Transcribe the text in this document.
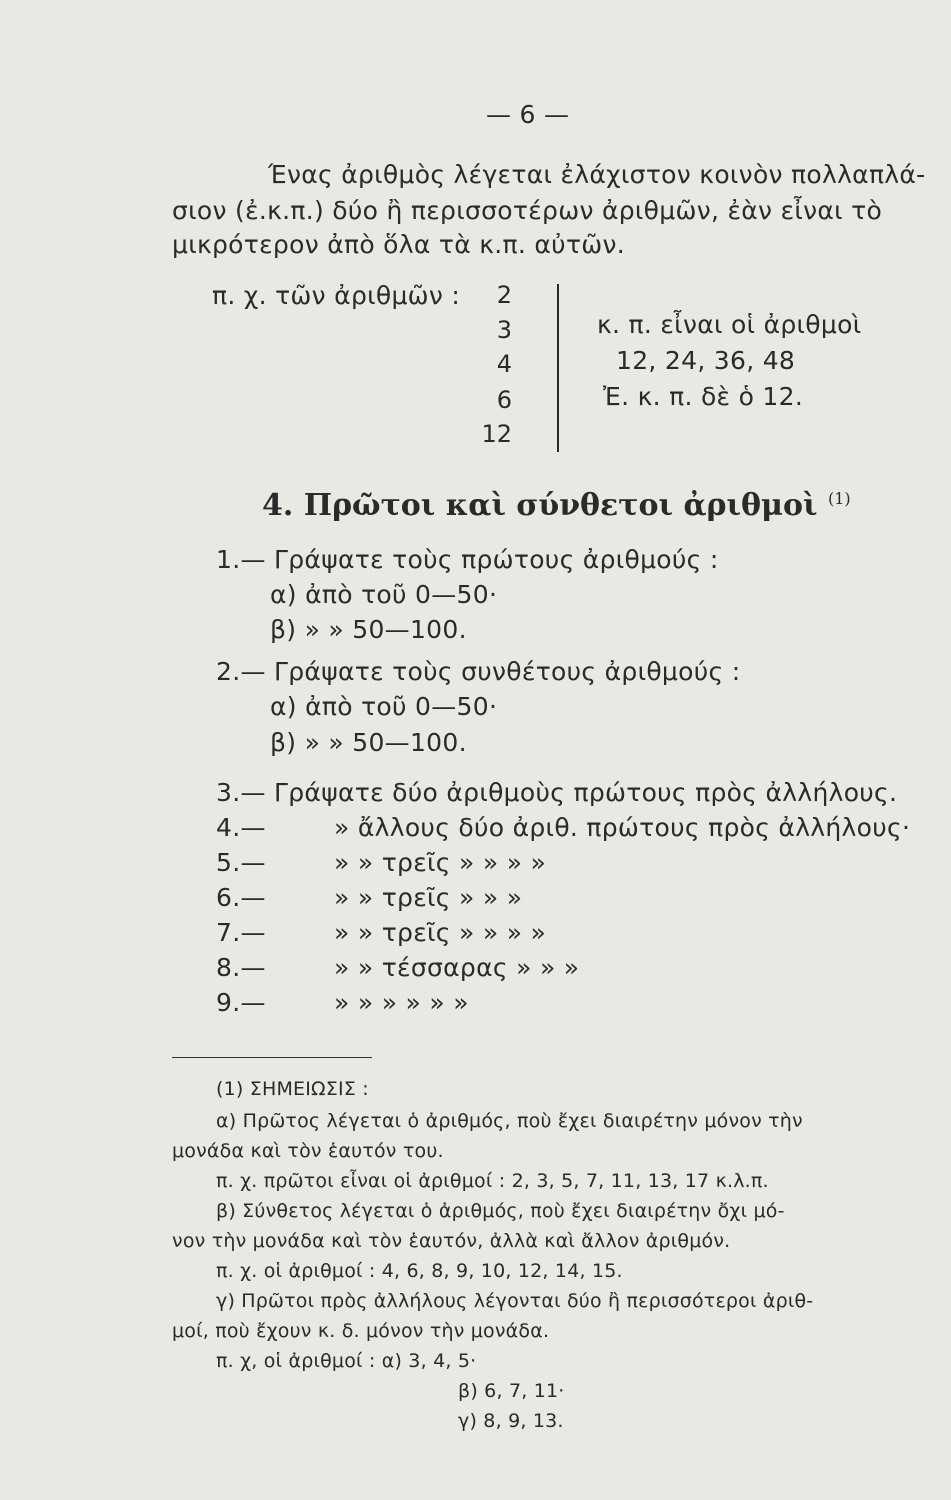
— 6 —
Ένας ἀριθμὸς λέγεται ἐλάχιστον κοινὸν πολλαπλά-
σιον (ἐ.κ.π.) δύο ἢ περισσοτέρων ἀριθμῶν, ἐὰν εἶναι τὸ
μικρότερον ἀπὸ ὅλα τὰ κ.π. αὐτῶν.
π. χ. τῶν ἀριθμῶν :	2
3
4
6
12
κ. π. εἶναι οἱ ἀριθμοὶ
12, 24, 36, 48
Ἐ. κ. π. δὲ ὁ 12.
4. Πρῶτοι καὶ σύνθετοι ἀριθμοὶ $^{(1)}$
1.— Γράψατε τοὺς πρώτους ἀριθμούς :
α) ἀπὸ τοῦ 0—50·
β) » » 50—100.
2.— Γράψατε τοὺς συνθέτους ἀριθμούς :
α) ἀπὸ τοῦ 0—50·
β) » » 50—100.
3.— Γράψατε δύο ἀριθμοὺς πρώτους πρὸς ἀλλήλους.
4.—	» ἄλλους δύο ἀριθ. πρώτους πρὸς ἀλλήλους·
5.—	» » τρεῖς » » » »
6.—	» » τρεῖς » » »
7.—	» » τρεῖς » » » »
8.—	» » τέσσαρας » » »
9.—	» » » » » »
(1) ΣΗΜΕΙΩΣΙΣ :
α) Πρῶτος λέγεται ὁ ἀριθμός, ποὺ ἔχει διαιρέτην μόνον τὴν
μονάδα καὶ τὸν ἑαυτόν του.
π. χ. πρῶτοι εἶναι οἱ ἀριθμοί : 2, 3, 5, 7, 11, 13, 17 κ.λ.π.
β) Σύνθετος λέγεται ὁ ἀριθμός, ποὺ ἔχει διαιρέτην ὄχι μό-
νον τὴν μονάδα καὶ τὸν ἑαυτόν, ἀλλὰ καὶ ἄλλον ἀριθμόν.
π. χ. οἱ ἀριθμοί : 4, 6, 8, 9, 10, 12, 14, 15.
γ) Πρῶτοι πρὸς ἀλλήλους λέγονται δύο ἢ περισσότεροι ἀριθ-
μοί, ποὺ ἔχουν κ. δ. μόνον τὴν μονάδα.
π. χ, οἱ ἀριθμοί : α) 3, 4, 5·
β) 6, 7, 11·
γ) 8, 9, 13.
